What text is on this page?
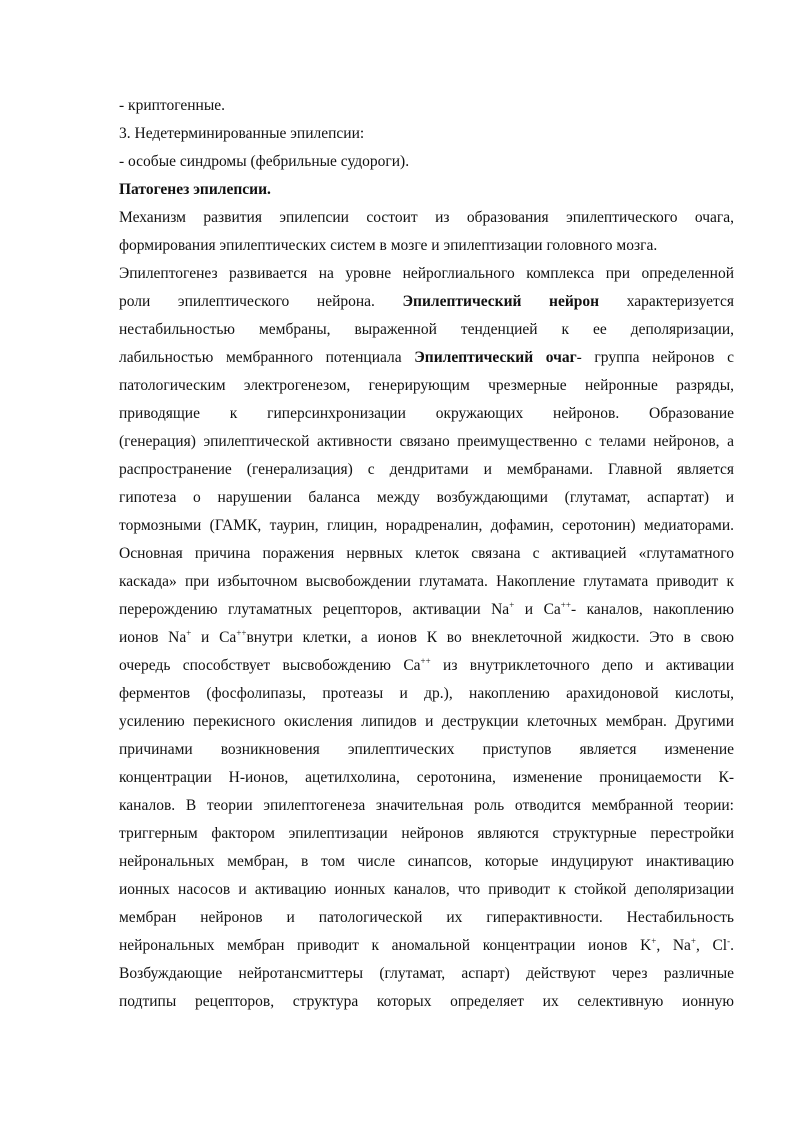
- криптогенные.
3. Недетерминированные эпилепсии:
- особые синдромы (фебрильные судороги).
Патогенез эпилепсии.
Механизм развития эпилепсии состоит из образования эпилептического очага,
формирования эпилептических систем в мозге и эпилептизации головного мозга.
Эпилептогенез развивается на уровне нейроглиального комплекса при определенной
роли эпилептического нейрона. Эпилептический нейрон характеризуется
нестабильностью мембраны, выраженной тенденцией к ее деполяризации,
лабильностью мембранного потенциала Эпилептический очаг- группа нейронов с
патологическим электрогенезом, генерирующим чрезмерные нейронные разряды,
приводящие к гиперсинхронизации окружающих нейронов. Образование
(генерация) эпилептической активности связано преимущественно с телами нейронов, а
распространение (генерализация) с дендритами и мембранами. Главной является
гипотеза о нарушении баланса между возбуждающими (глутамат, аспартат) и
тормозными (ГАМК, таурин, глицин, норадреналин, дофамин, серотонин) медиаторами.
Основная причина поражения нервных клеток связана с активацией «глутаматного
каскада» при избыточном высвобождении глутамата. Накопление глутамата приводит к
перерождению глутаматных рецепторов, активации Na+ и Ca++- каналов, накоплению
ионов Na+ и Ca++внутри клетки, а ионов К во внеклеточной жидкости. Это в свою
очередь способствует высвобождению Ca++ из внутриклеточного депо и активации
ферментов (фосфолипазы, протеазы и др.), накоплению арахидоновой кислоты,
усилению перекисного окисления липидов и деструкции клеточных мембран. Другими
причинами возникновения эпилептических приступов является изменение
концентрации Н-ионов, ацетилхолина, серотонина, изменение проницаемости К-
каналов. В теории эпилептогенеза значительная роль отводится мембранной теории:
триггерным фактором эпилептизации нейронов являются структурные перестройки
нейрональных мембран, в том числе синапсов, которые индуцируют инактивацию
ионных насосов и активацию ионных каналов, что приводит к стойкой деполяризации
мембран нейронов и патологической их гиперактивности. Нестабильность
нейрональных мембран приводит к аномальной концентрации ионов K+, Na+, Cl-.
Возбуждающие нейротансмиттеры (глутамат, аспарт) действуют через различные
подтипы рецепторов, структура которых определяет их селективную ионную
